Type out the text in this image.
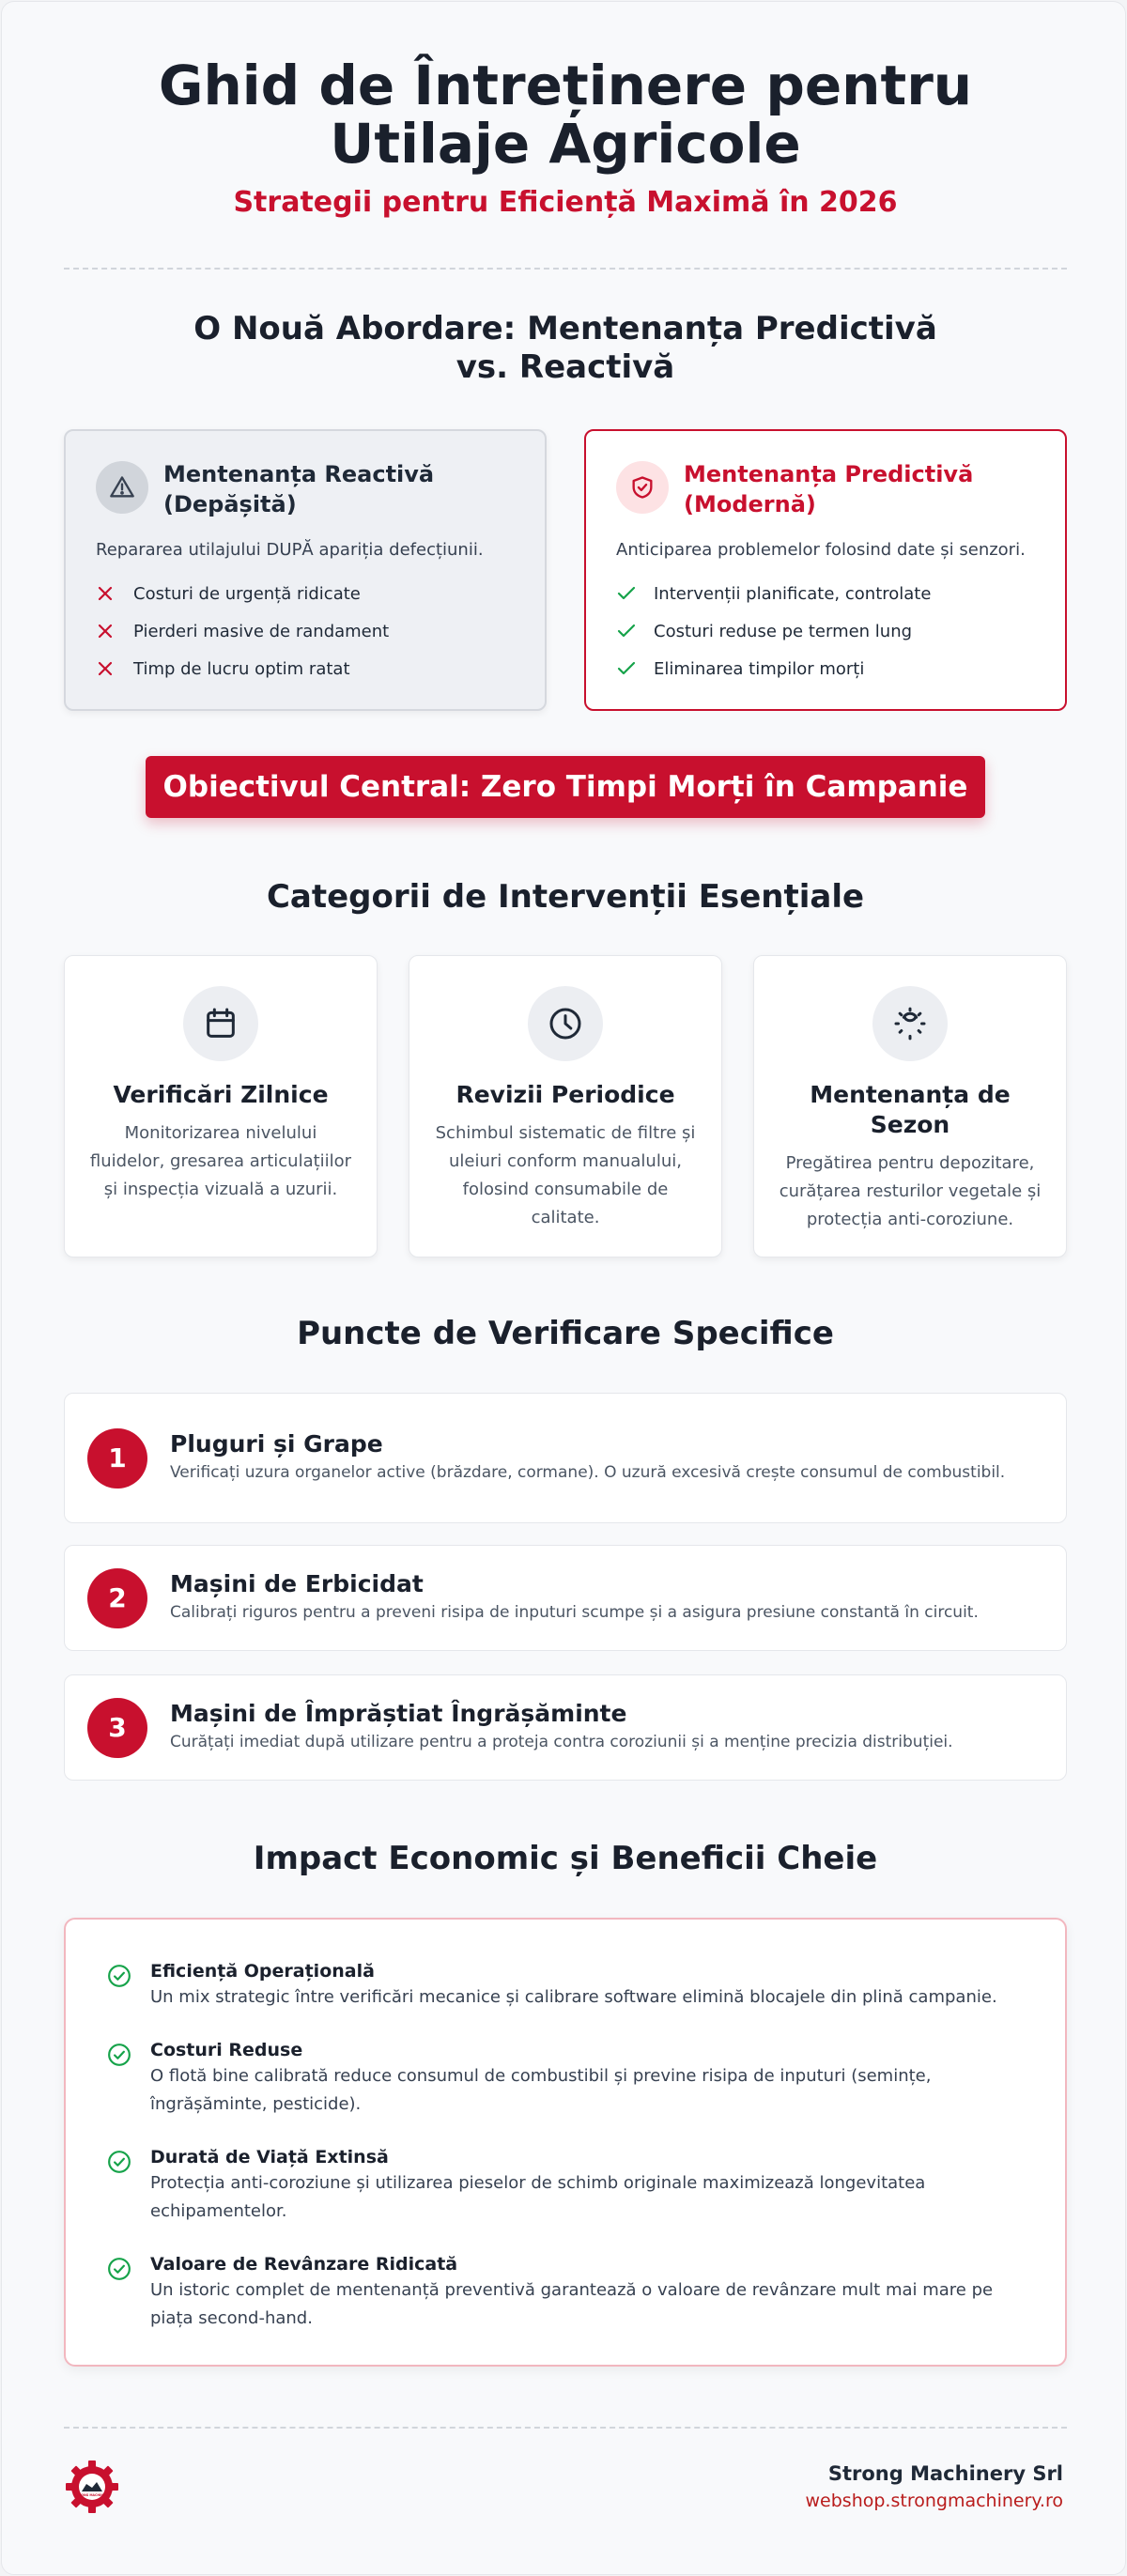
Ghid de Întreținere pentru
Utilaje Agricole
Strategii pentru Eficiență Maximă în 2026
O Nouă Abordare: Mentenanța Predictivă vs. Reactivă
Mentenanța Reactivă (Depășită)
Repararea utilajului DUPĂ apariția defecțiunii.
Costuri de urgență ridicate
Pierderi masive de randament
Timp de lucru optim ratat
Mentenanța Predictivă (Modernă)
Anticiparea problemelor folosind date și senzori.
Intervenții planificate, controlate
Costuri reduse pe termen lung
Eliminarea timpilor morți
Obiectivul Central: Zero Timpi Morți în Campanie
Categorii de Intervenții Esențiale
Verificări Zilnice
Monitorizarea nivelului fluidelor, gresarea articulațiilor și inspecția vizuală a uzurii.
Revizii Periodice
Schimbul sistematic de filtre și uleiuri conform manualului, folosind consumabile de calitate.
Mentenanța de Sezon
Pregătirea pentru depozitare, curățarea resturilor vegetale și protecția anti-coroziune.
Puncte de Verificare Specifice
1	Pluguri și Grape
Verificați uzura organelor active (brăzdare, cormane). O uzură excesivă crește consumul de combustibil.
2	Mașini de Erbicidat
Calibrați riguros pentru a preveni risipa de inputuri scumpe și a asigura presiune constantă în circuit.
3	Mașini de Împrăștiat Îngrășăminte
Curățați imediat după utilizare pentru a proteja contra coroziunii și a menține precizia distribuției.
Impact Economic și Beneficii Cheie
Eficiență Operațională
Un mix strategic între verificări mecanice și calibrare software elimină blocajele din plină campanie.
Costuri Reduse
O flotă bine calibrată reduce consumul de combustibil și previne risipa de inputuri (semințe, îngrășăminte, pesticide).
Durată de Viață Extinsă
Protecția anti-coroziune și utilizarea pieselor de schimb originale maximizează longevitatea echipamentelor.
Valoare de Revânzare Ridicată
Un istoric complet de mentenanță preventivă garantează o valoare de revânzare mult mai mare pe piața second-hand.
STRONG MACHINERY
Strong Machinery Srl
webshop.strongmachinery.ro
